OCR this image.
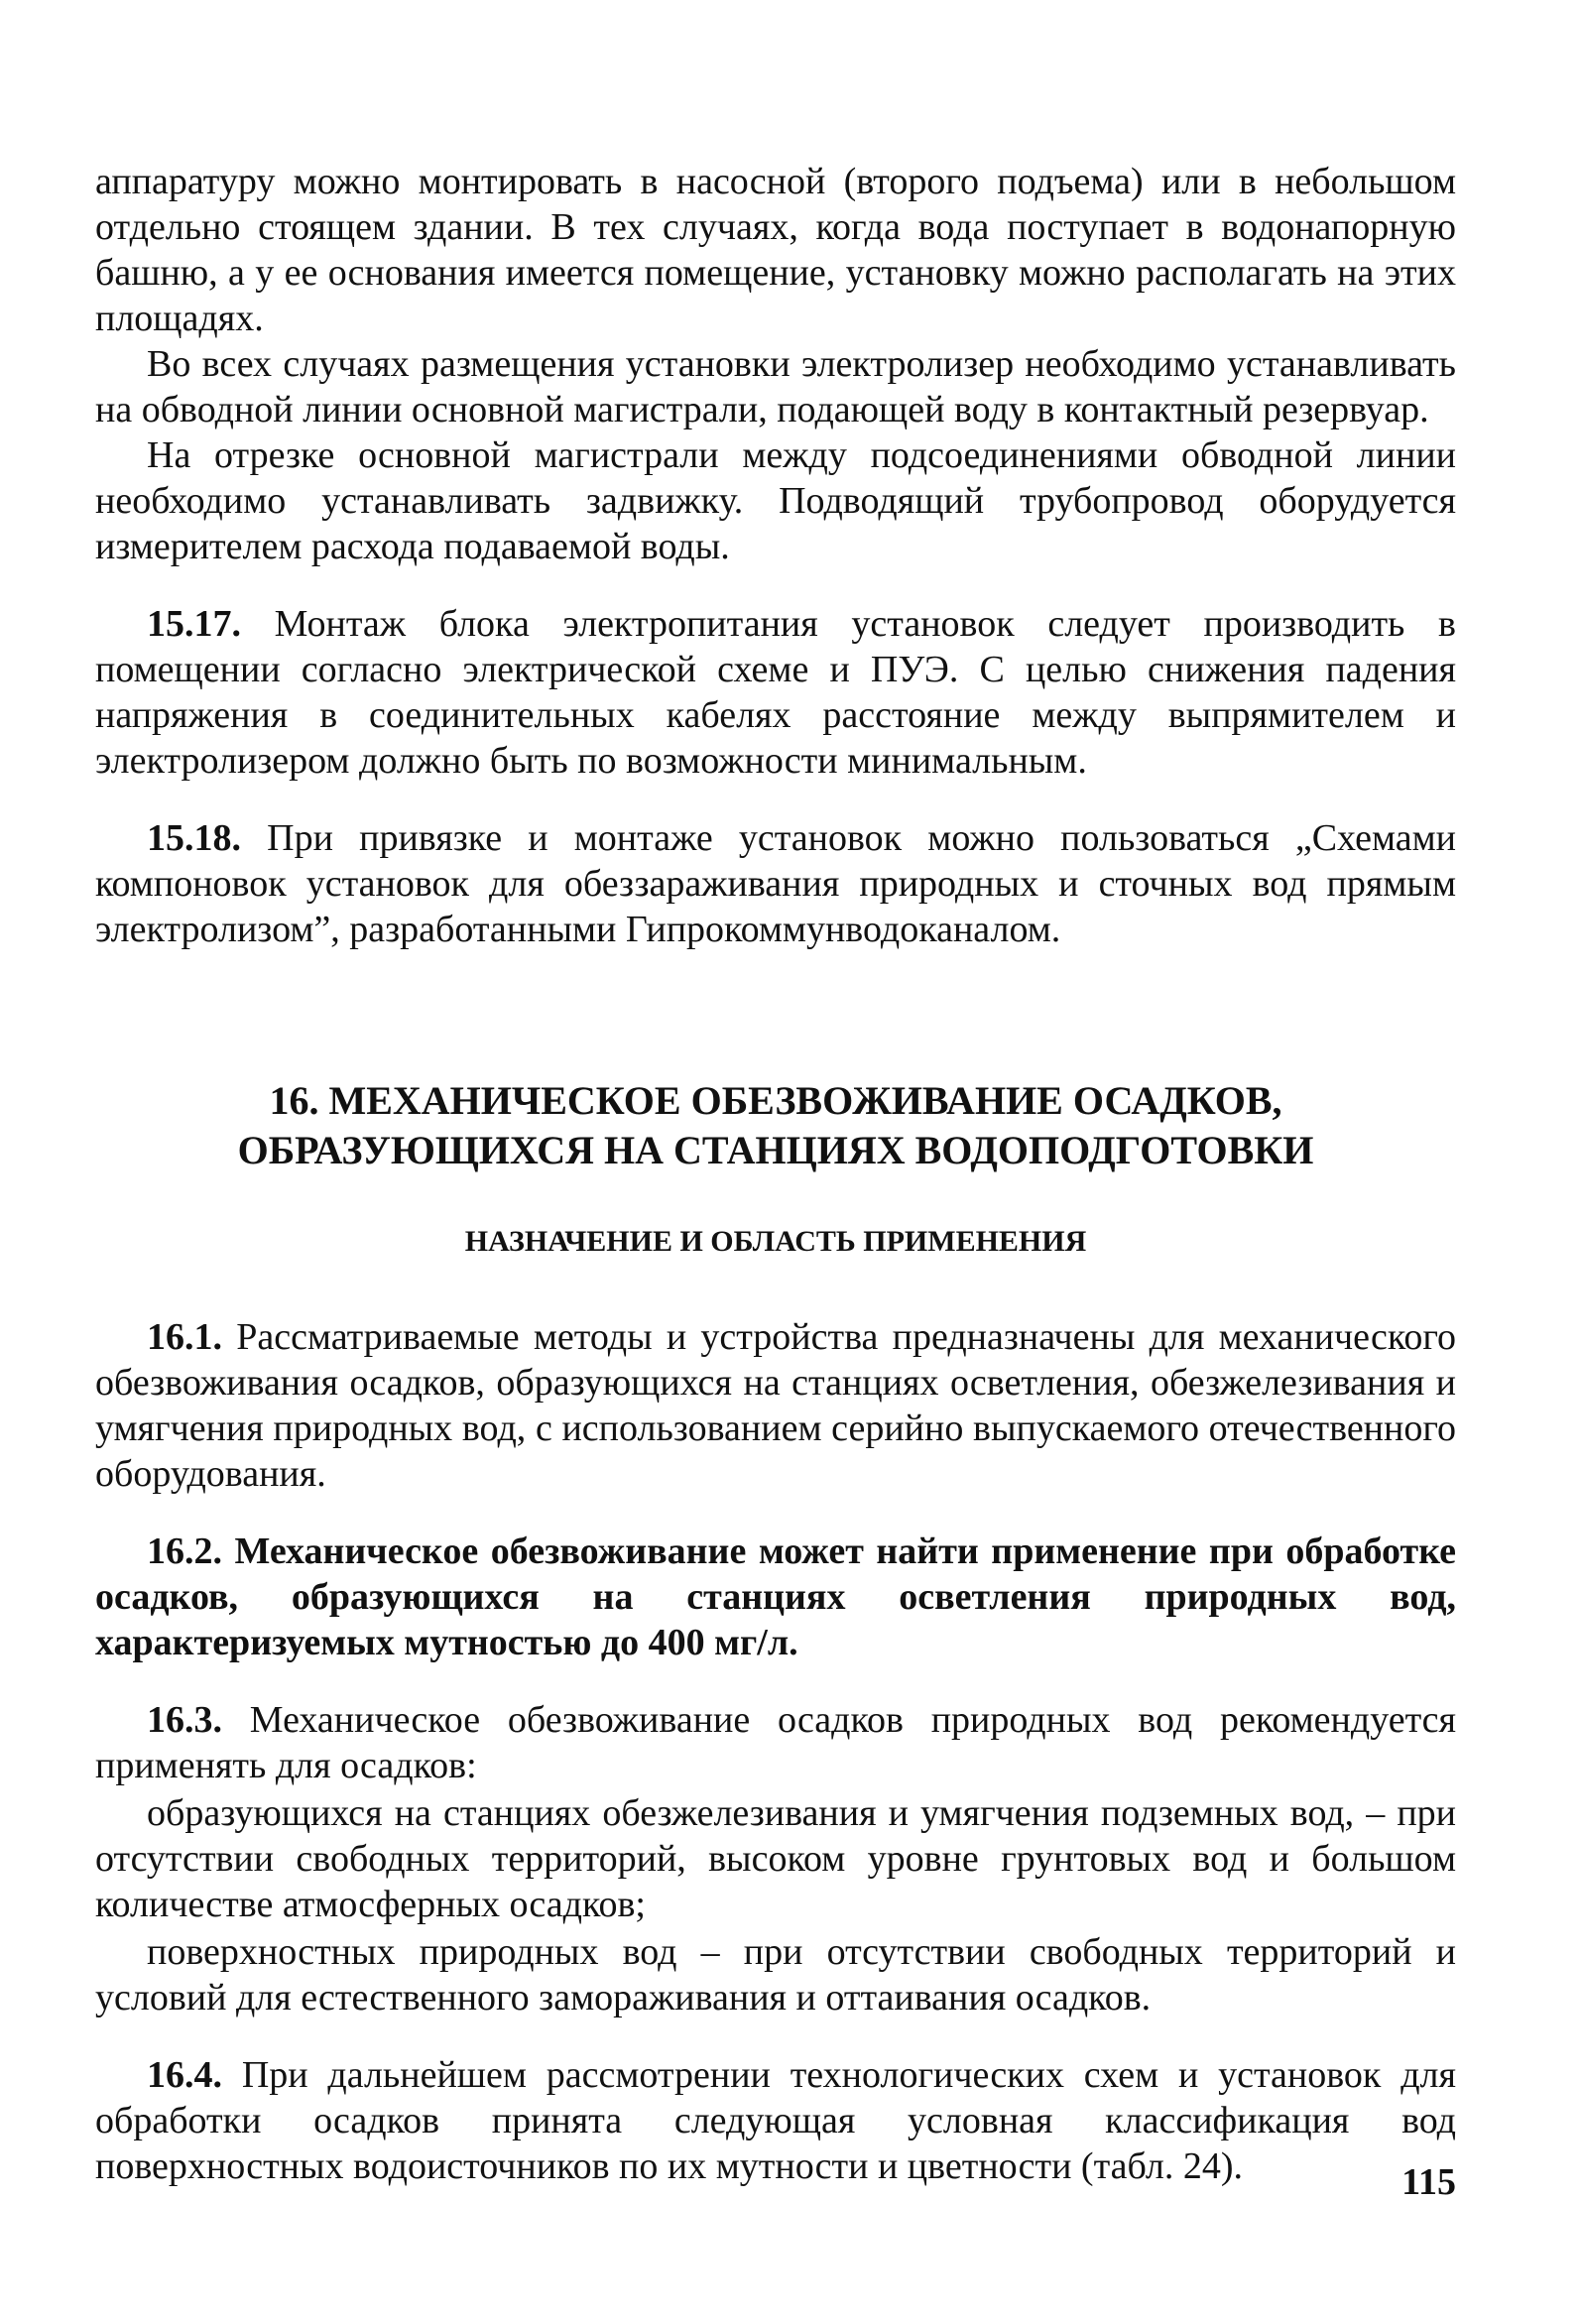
аппаратуру можно монтировать в насосной (второго подъема) или в небольшом отдельно стоящем здании. В тех случаях, когда вода поступает в водонапорную башню, а у ее основания имеется помещение, установку можно располагать на этих площадях.

Во всех случаях размещения установки электролизер необходимо устанавливать на обводной линии основной магистрали, подающей воду в контактный резервуар.

На отрезке основной магистрали между подсоединениями обводной линии необходимо устанавливать задвижку. Подводящий трубопровод оборудуется измерителем расхода подаваемой воды.

15.17. Монтаж блока электропитания установок следует производить в помещении согласно электрической схеме и ПУЭ. С целью снижения падения напряжения в соединительных кабелях расстояние между выпрямителем и электролизером должно быть по возможности минимальным.

15.18. При привязке и монтаже установок можно пользоваться „Схемами компоновок установок для обеззараживания природных и сточных вод прямым электролизом”, разработанными Гипрокоммунводоканалом.

16. МЕХАНИЧЕСКОЕ ОБЕЗВОЖИВАНИЕ ОСАДКОВ,
ОБРАЗУЮЩИХСЯ НА СТАНЦИЯХ ВОДОПОДГОТОВКИ
НАЗНАЧЕНИЕ И ОБЛАСТЬ ПРИМЕНЕНИЯ

16.1. Рассматриваемые методы и устройства предназначены для механического обезвоживания осадков, образующихся на станциях осветления, обезжелезивания и умягчения природных вод, с использованием серийно выпускаемого отечественного оборудования.

16.2. Механическое обезвоживание может найти применение при обработке осадков, образующихся на станциях осветления природных вод, характеризуемых мутностью до 400 мг/л.

16.3. Механическое обезвоживание осадков природных вод рекомендуется применять для осадков:

образующихся на станциях обезжелезивания и умягчения подземных вод, – при отсутствии свободных территорий, высоком уровне грунтовых вод и большом количестве атмосферных осадков;

поверхностных природных вод – при отсутствии свободных территорий и условий для естественного замораживания и оттаивания осадков.

16.4. При дальнейшем рассмотрении технологических схем и установок для обработки осадков принята следующая условная классификация вод поверхностных водоисточников по их мутности и цветности (табл. 24).	115
